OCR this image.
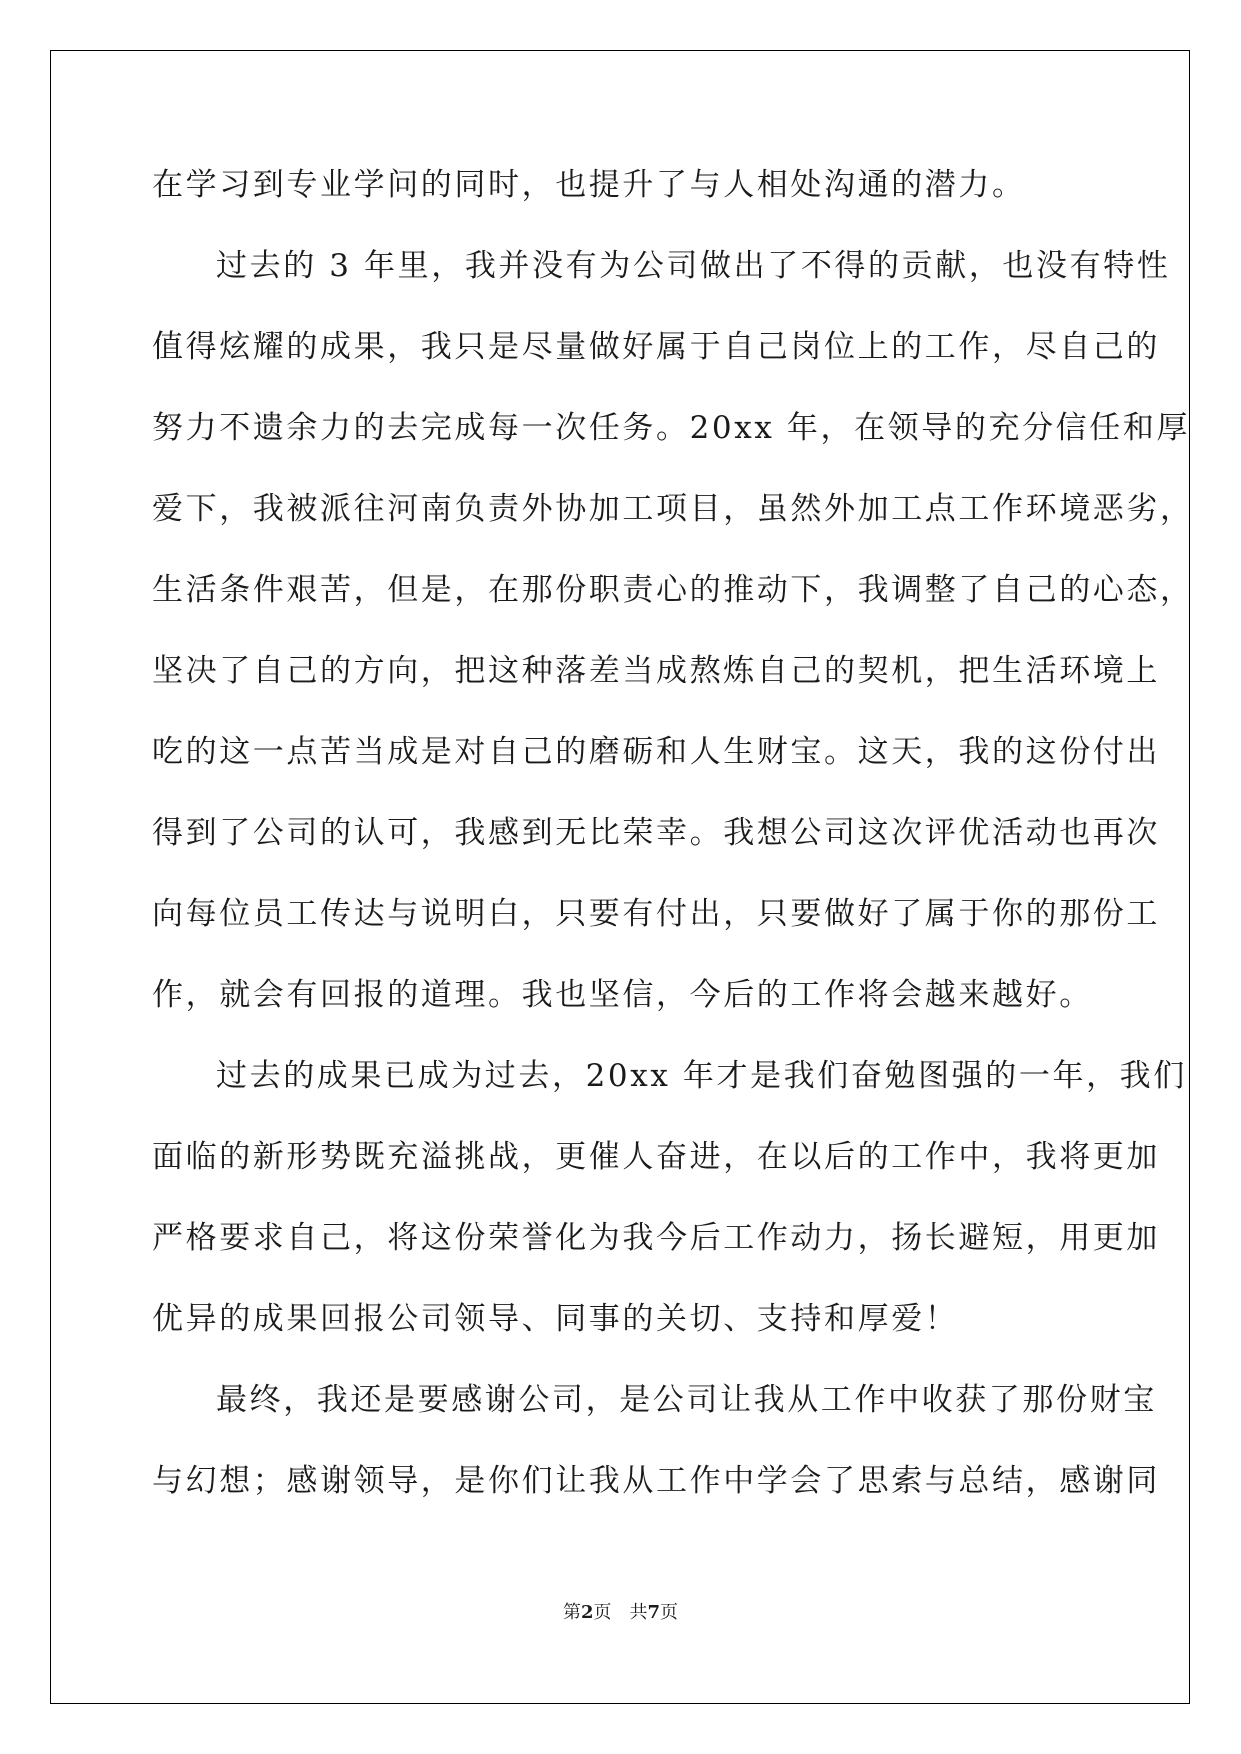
在学习到专业学问的同时，也提升了与人相处沟通的潜力。
过去的 3 年里，我并没有为公司做出了不得的贡献，也没有特性
值得炫耀的成果，我只是尽量做好属于自己岗位上的工作，尽自己的
努力不遗余力的去完成每一次任务。20xx 年，在领导的充分信任和厚
爱下，我被派往河南负责外协加工项目，虽然外加工点工作环境恶劣，
生活条件艰苦，但是，在那份职责心的推动下，我调整了自己的心态，
坚决了自己的方向，把这种落差当成熬炼自己的契机，把生活环境上
吃的这一点苦当成是对自己的磨砺和人生财宝。这天，我的这份付出
得到了公司的认可，我感到无比荣幸。我想公司这次评优活动也再次
向每位员工传达与说明白，只要有付出，只要做好了属于你的那份工
作，就会有回报的道理。我也坚信，今后的工作将会越来越好。
过去的成果已成为过去，20xx 年才是我们奋勉图强的一年，我们
面临的新形势既充溢挑战，更催人奋进，在以后的工作中，我将更加
严格要求自己，将这份荣誉化为我今后工作动力，扬长避短，用更加
优异的成果回报公司领导、同事的关切、支持和厚爱！
最终，我还是要感谢公司，是公司让我从工作中收获了那份财宝
与幻想；感谢领导，是你们让我从工作中学会了思索与总结，感谢同
第2页 共7页
